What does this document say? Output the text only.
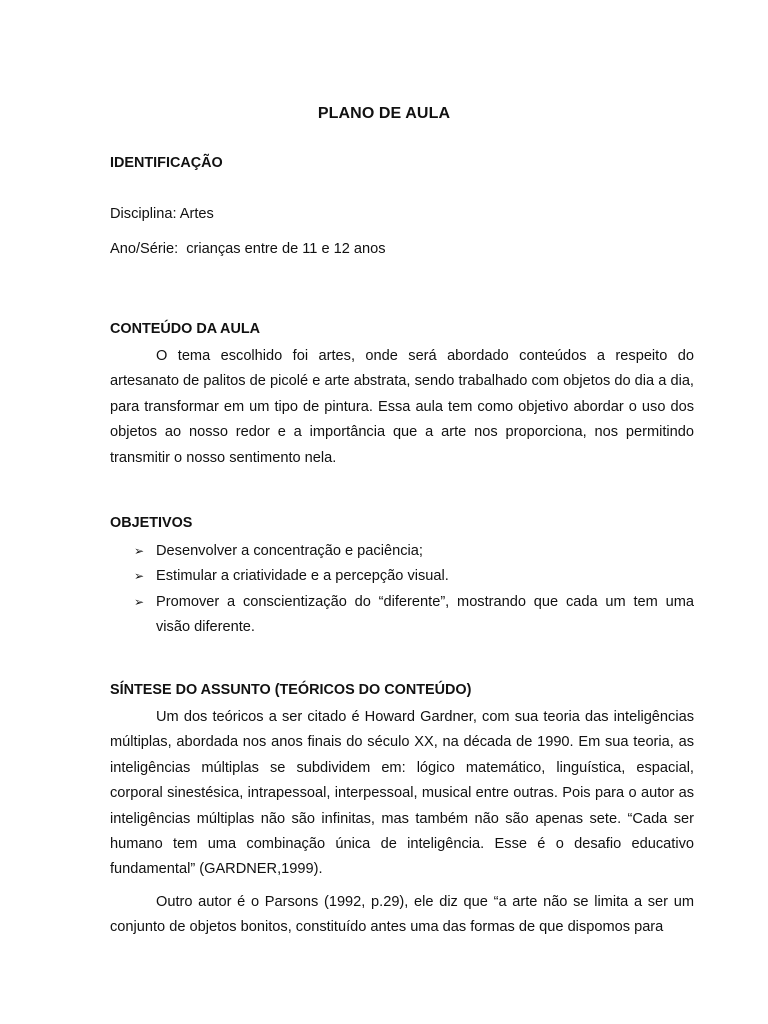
PLANO DE AULA
IDENTIFICAÇÃO
Disciplina: Artes
Ano/Série:  crianças entre de 11 e 12 anos
CONTEÚDO DA AULA
O tema escolhido foi artes, onde será abordado conteúdos a respeito do artesanato de palitos de picolé e arte abstrata, sendo trabalhado com objetos do dia a dia, para transformar em um tipo de pintura. Essa aula tem como objetivo abordar o uso dos objetos ao nosso redor e a importância que a arte nos proporciona, nos permitindo transmitir o nosso sentimento nela.
OBJETIVOS
➢ Desenvolver a concentração e paciência;
➢ Estimular a criatividade e a percepção visual.
➢ Promover a conscientização do “diferente”, mostrando que cada um tem uma visão diferente.
SÍNTESE DO ASSUNTO (TEÓRICOS DO CONTEÚDO)
Um dos teóricos a ser citado é Howard Gardner, com sua teoria das inteligências múltiplas, abordada nos anos finais do século XX, na década de 1990. Em sua teoria, as inteligências múltiplas se subdividem em: lógico matemático, linguística, espacial, corporal sinestésica, intrapessoal, interpessoal, musical entre outras. Pois para o autor as inteligências múltiplas não são infinitas, mas também não são apenas sete. “Cada ser humano tem uma combinação única de inteligência. Esse é o desafio educativo fundamental” (GARDNER,1999).
Outro autor é o Parsons (1992, p.29), ele diz que “a arte não se limita a ser um conjunto de objetos bonitos, constituído antes uma das formas de que dispomos para
